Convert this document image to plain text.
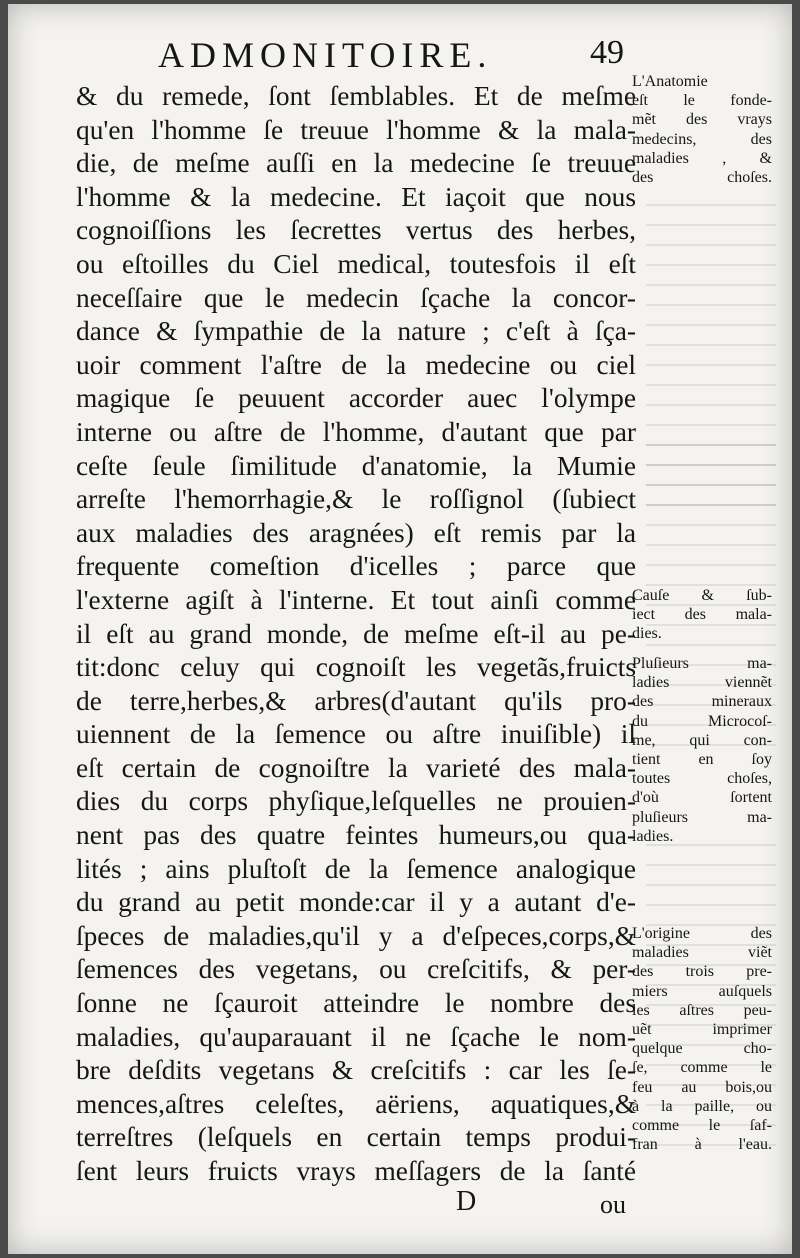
ADMONITOIRE.	49
& du remede, ſont ſemblables. Et de meſme
qu'en l'homme ſe treuue l'homme & la mala-
die, de meſme auſſi en la medecine ſe treuue
l'homme & la medecine. Et iaçoit que nous
cognoiſſions les ſecrettes vertus des herbes,
ou eſtoilles du Ciel medical, toutesfois il eſt
neceſſaire que le medecin ſçache la concor-
dance & ſympathie de la nature ; c'eſt à ſça-
uoir comment l'aſtre de la medecine ou ciel
magique ſe peuuent accorder auec l'olympe
interne ou aſtre de l'homme, d'autant que par
ceſte ſeule ſimilitude d'anatomie, la Mumie
arreſte l'hemorrhagie,& le roſſignol (ſubiect
aux maladies des aragnées) eſt remis par la
frequente comeſtion d'icelles ; parce que
l'externe agiſt à l'interne. Et tout ainſi comme
il eſt au grand monde, de meſme eſt-il au pe-
tit:donc celuy qui cognoiſt les vegetãs,fruicts
de terre,herbes,& arbres(d'autant qu'ils pro-
uiennent de la ſemence ou aſtre inuiſible) il
eſt certain de cognoiſtre la varieté des mala-
dies du corps phyſique,leſquelles ne prouien-
nent pas des quatre feintes humeurs,ou qua-
lités ; ains pluſtoſt de la ſemence analogique
du grand au petit monde:car il y a autant d'e-
ſpeces de maladies,qu'il y a d'eſpeces,corps,&
ſemences des vegetans, ou creſcitifs, & per-
ſonne ne ſçauroit atteindre le nombre des
maladies, qu'auparauant il ne ſçache le nom-
bre deſdits vegetans & creſcitifs : car les ſe-
mences,aſtres celeſtes, aëriens, aquatiques,&
terreſtres (leſquels en certain temps produi-
ſent leurs fruicts vrays meſſagers de la ſanté
L'Anatomie
eſt le fonde-
mẽt des vrays
medecins, des
maladies , &
des choſes.
Cauſe & ſub-
iect des mala-
dies.
Pluſieurs ma-
ladies viennẽt
des mineraux
du Microcoſ-
me, qui con-
tient en ſoy
toutes choſes,
d'où ſortent
pluſieurs ma-
ladies.
L'origine des
maladies viẽt
des trois pre-
miers auſquels
les aſtres peu-
uẽt imprimer
quelque cho-
ſe, comme le
feu au bois,ou
à la paille, ou
comme le ſaf-
fran à l'eau.
D	ou
